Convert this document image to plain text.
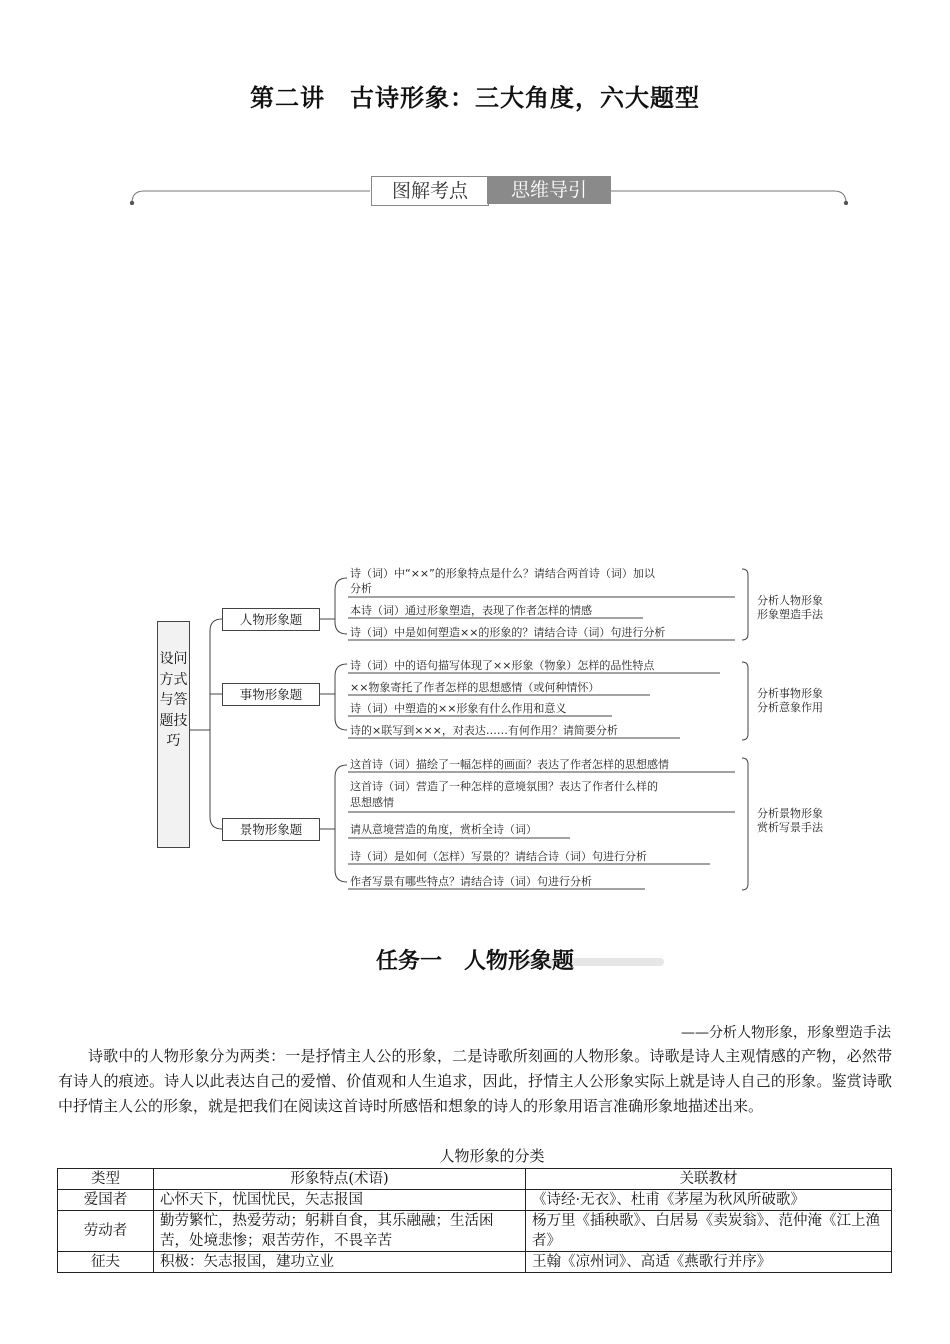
第二讲　古诗形象：三大角度，六大题型
图解考点	思维导引
设问方式与答题技巧
人物形象题
事物形象题
景物形象题
诗（词）中“××”的形象特点是什么？请结合两首诗（词）加以
分析
本诗（词）通过形象塑造，表现了作者怎样的情感
诗（词）中是如何塑造××的形象的？请结合诗（词）句进行分析
诗（词）中的语句描写体现了××形象（物象）怎样的品性特点
××物象寄托了作者怎样的思想感情（或何种情怀）
诗（词）中塑造的××形象有什么作用和意义
诗的×联写到×××，对表达……有何作用？请简要分析
这首诗（词）描绘了一幅怎样的画面？表达了作者怎样的思想感情
这首诗（词）营造了一种怎样的意境氛围？表达了作者什么样的
思想感情
请从意境营造的角度，赏析全诗（词）
诗（词）是如何（怎样）写景的？请结合诗（词）句进行分析
作者写景有哪些特点？请结合诗（词）句进行分析
分析人物形象
形象塑造手法
分析事物形象
分析意象作用
分析景物形象
赏析写景手法
任务一　人物形象题
——分析人物形象，形象塑造手法
诗歌中的人物形象分为两类：一是抒情主人公的形象，二是诗歌所刻画的人物形象。诗歌是诗人主观情感的产物，必然带有诗人的痕迹。诗人以此表达自己的爱憎、价值观和人生追求，因此，抒情主人公形象实际上就是诗人自己的形象。鉴赏诗歌中抒情主人公的形象，就是把我们在阅读这首诗时所感悟和想象的诗人的形象用语言准确形象地描述出来。
人物形象的分类
类型	形象特点(术语)	关联教材
爱国者	心怀天下，忧国忧民，矢志报国	《诗经·无衣》、杜甫《茅屋为秋风所破歌》
劳动者	勤劳繁忙，热爱劳动；躬耕自食，其乐融融；生活困苦，处境悲惨；艰苦劳作，不畏辛苦	杨万里《插秧歌》、白居易《卖炭翁》、范仲淹《江上渔者》
征夫	积极：矢志报国，建功立业	王翰《凉州词》、高适《燕歌行并序》
